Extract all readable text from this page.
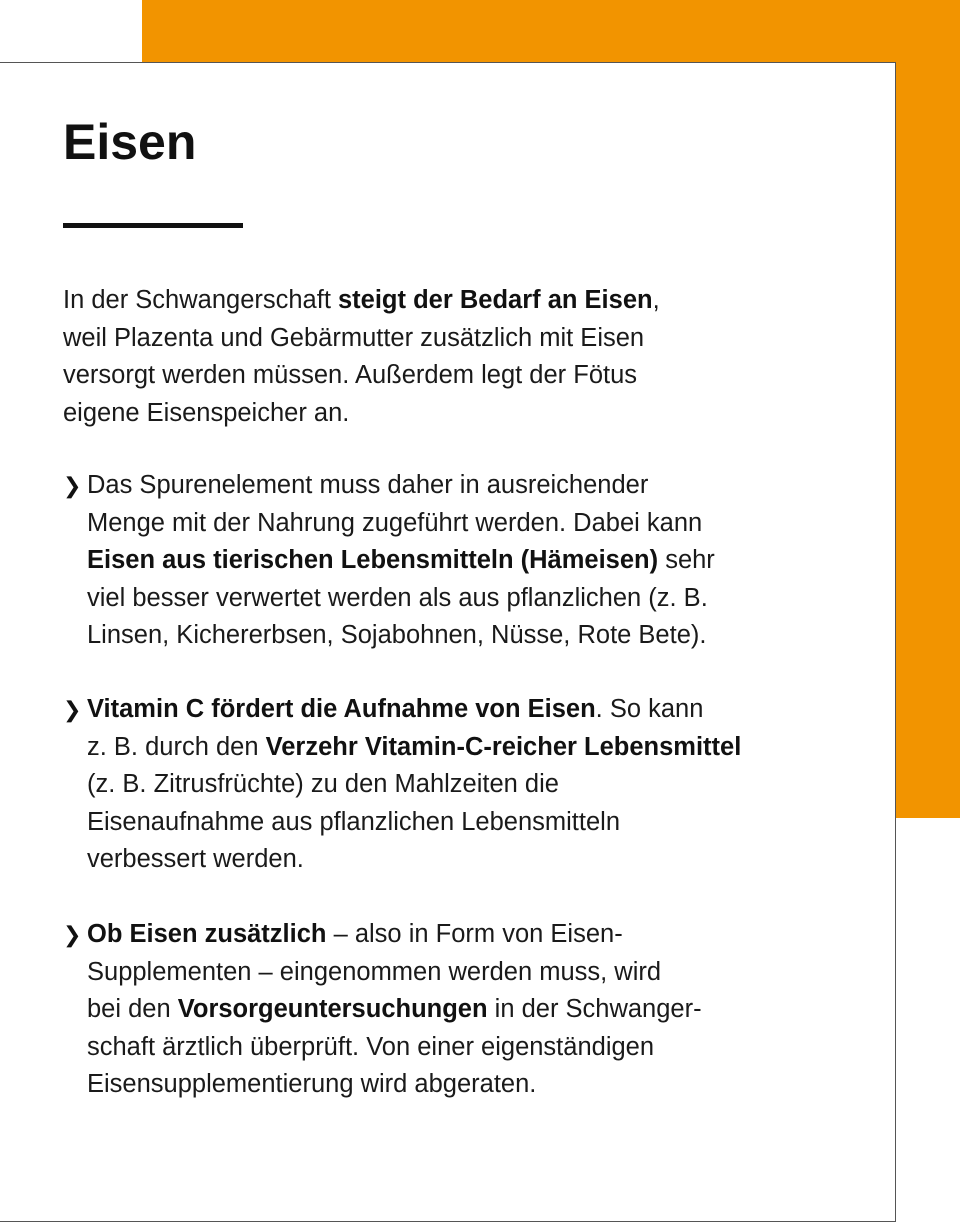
Eisen
In der Schwangerschaft steigt der Bedarf an Eisen,
weil Plazenta und Gebärmutter zusätzlich mit Eisen
versorgt werden müssen. Außerdem legt der Fötus
eigene Eisenspeicher an.
❯ Das Spurenelement muss daher in ausreichender
Menge mit der Nahrung zugeführt werden. Dabei kann
Eisen aus tierischen Lebensmitteln (Hämeisen) sehr
viel besser verwertet werden als aus pflanzlichen (z. B.
Linsen, Kichererbsen, Sojabohnen, Nüsse, Rote Bete).
❯ Vitamin C fördert die Aufnahme von Eisen. So kann
z. B. durch den Verzehr Vitamin-C-reicher Lebensmittel
(z. B. Zitrusfrüchte) zu den Mahlzeiten die
Eisenaufnahme aus pflanzlichen Lebensmitteln
verbessert werden.
❯ Ob Eisen zusätzlich – also in Form von Eisen-
Supplementen – eingenommen werden muss, wird
bei den Vorsorgeuntersuchungen in der Schwanger-
schaft ärztlich überprüft. Von einer eigenständigen
Eisensupplementierung wird abgeraten.
